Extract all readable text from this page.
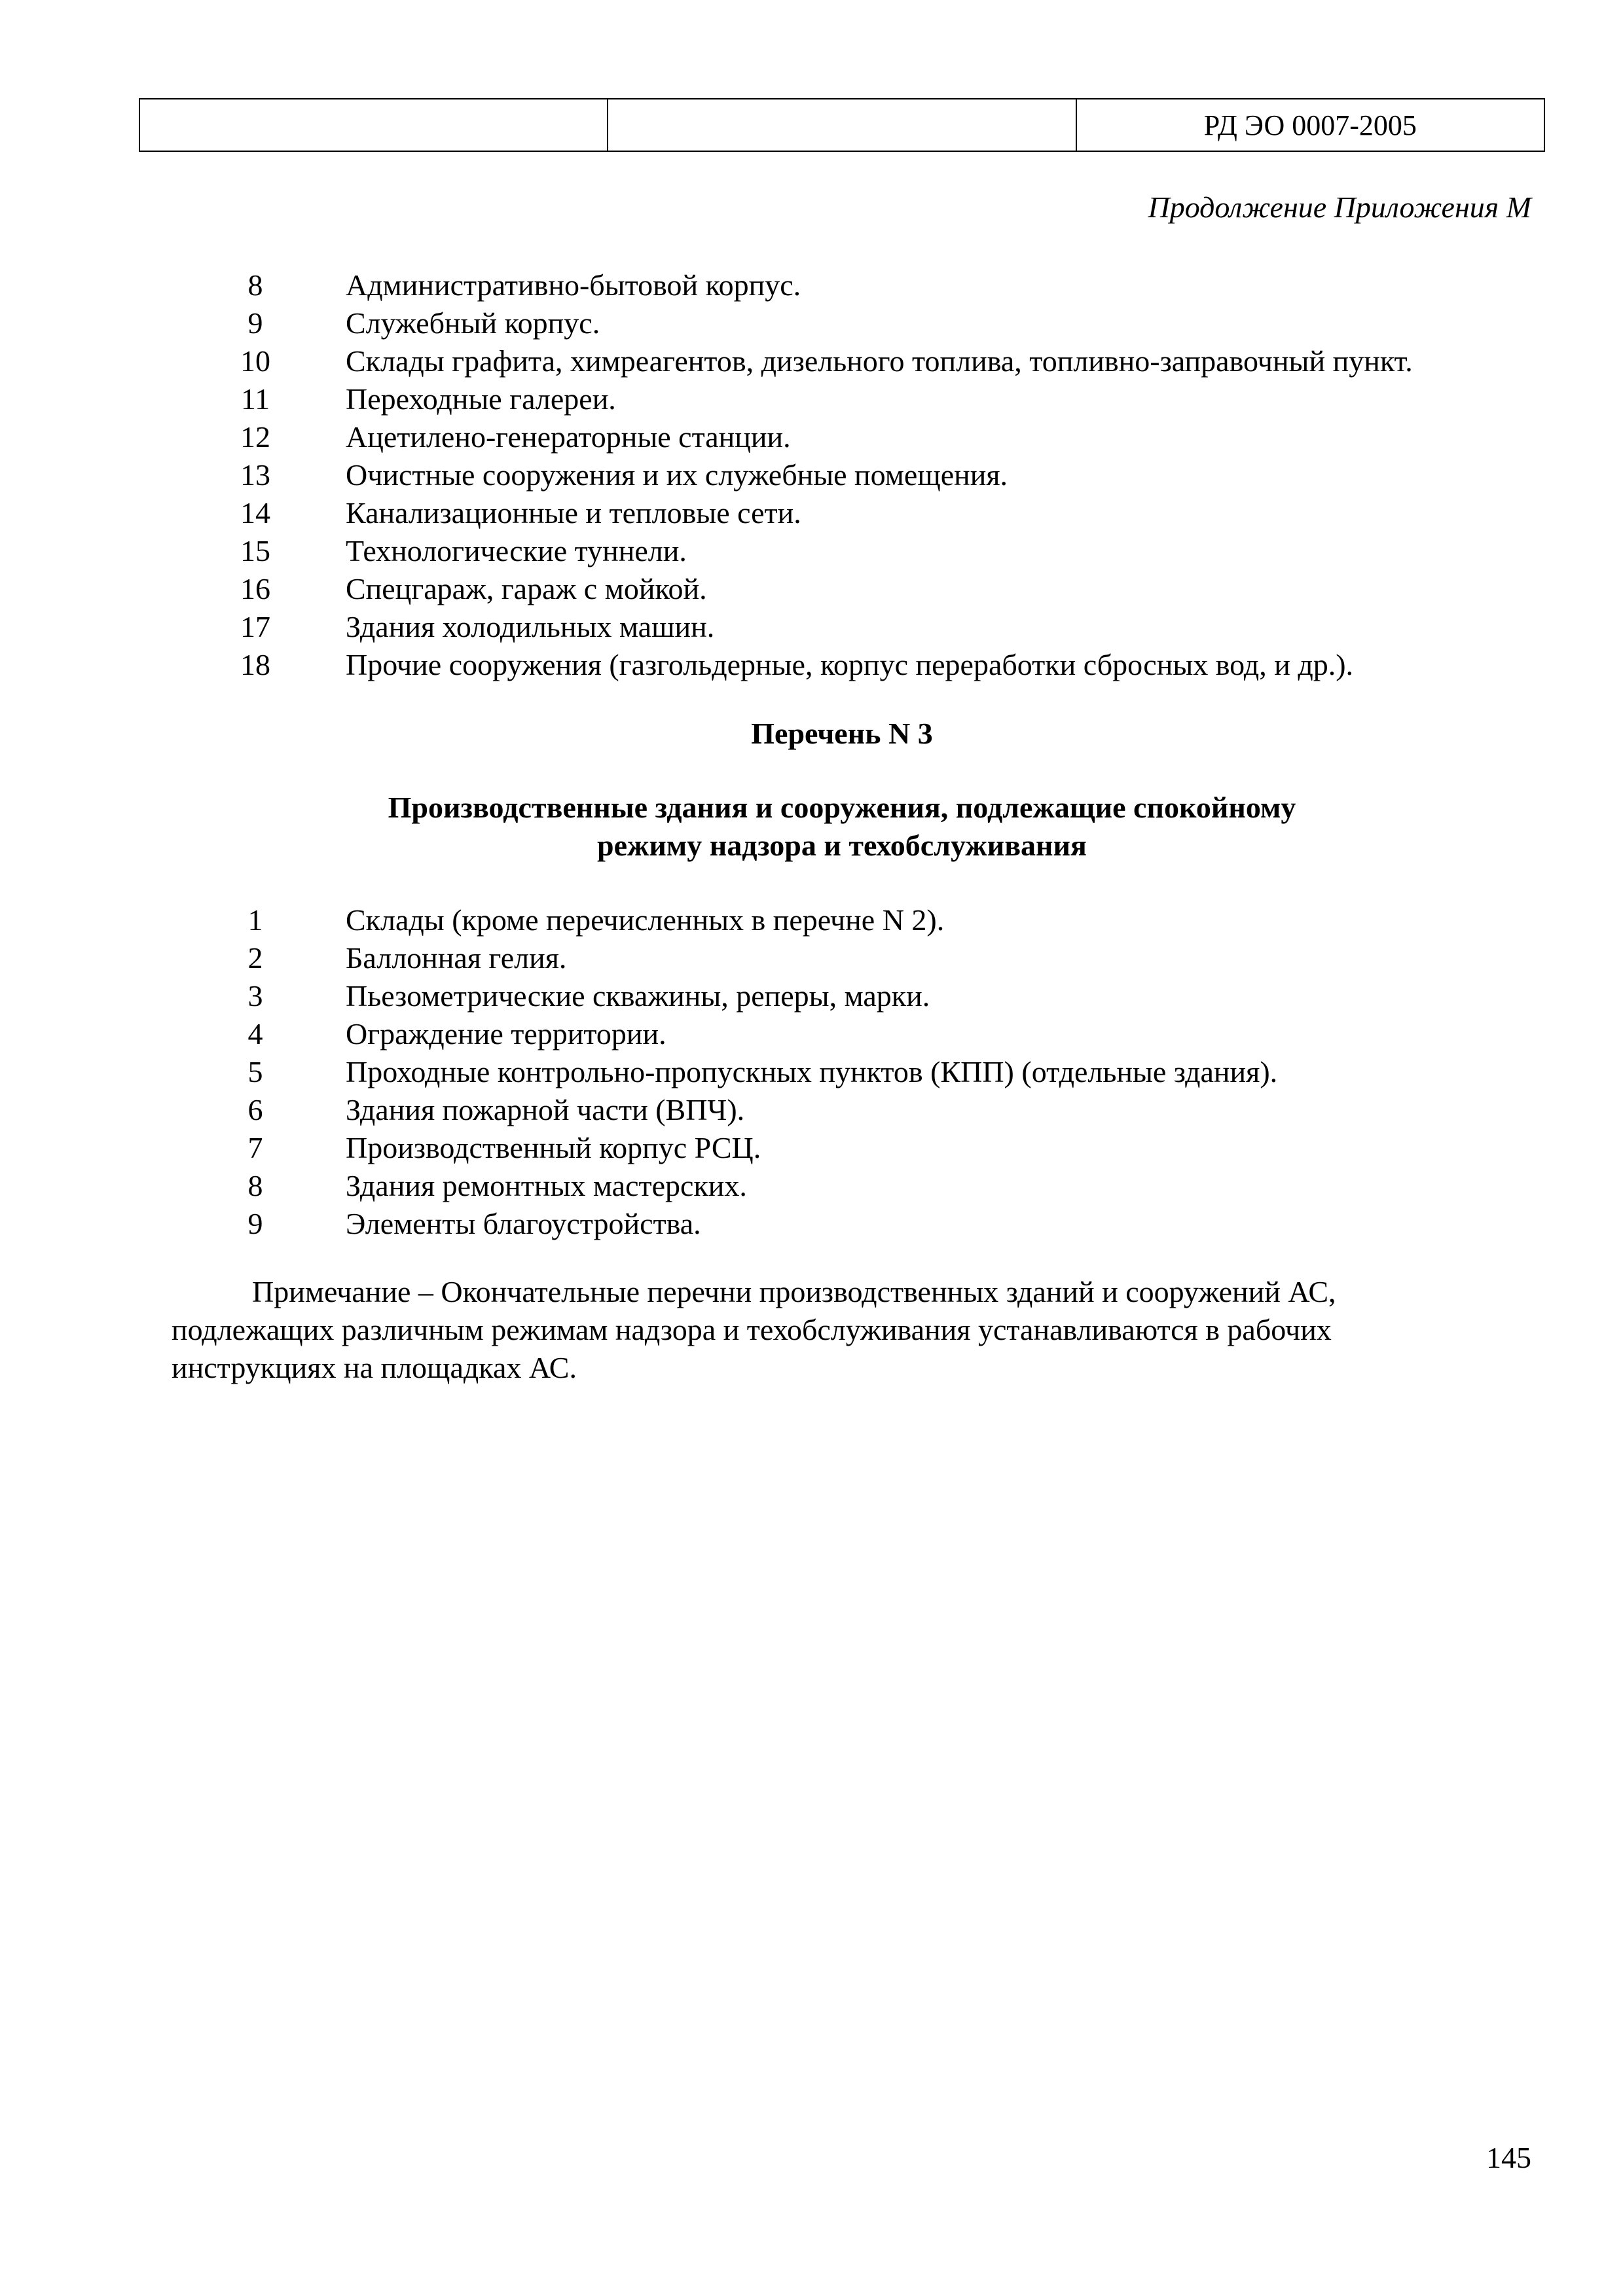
		РД ЭО 0007-2005
Продолжение Приложения М
8	Административно-бытовой корпус.
9	Служебный корпус.
10	Склады графита, химреагентов, дизельного топлива, топливно-заправочный пункт.
11	Переходные галереи.
12	Ацетилено-генераторные станции.
13	Очистные сооружения и их служебные помещения.
14	Канализационные и тепловые сети.
15	Технологические туннели.
16	Спецгараж, гараж с мойкой.
17	Здания холодильных машин.
18	Прочие сооружения (газгольдерные, корпус переработки сбросных вод, и др.).
Перечень N 3
Производственные здания и сооружения, подлежащие спокойному
режиму надзора и техобслуживания
1	Склады (кроме перечисленных в перечне N 2).
2	Баллонная гелия.
3	Пьезометрические скважины, реперы, марки.
4	Ограждение территории.
5	Проходные контрольно-пропускных пунктов (КПП) (отдельные здания).
6	Здания пожарной части (ВПЧ).
7	Производственный корпус РСЦ.
8	Здания ремонтных мастерских.
9	Элементы благоустройства.
Примечание – Окончательные перечни производственных зданий и сооружений АС,
подлежащих различным режимам надзора и техобслуживания устанавливаются в рабочих
инструкциях на площадках АС.
145
